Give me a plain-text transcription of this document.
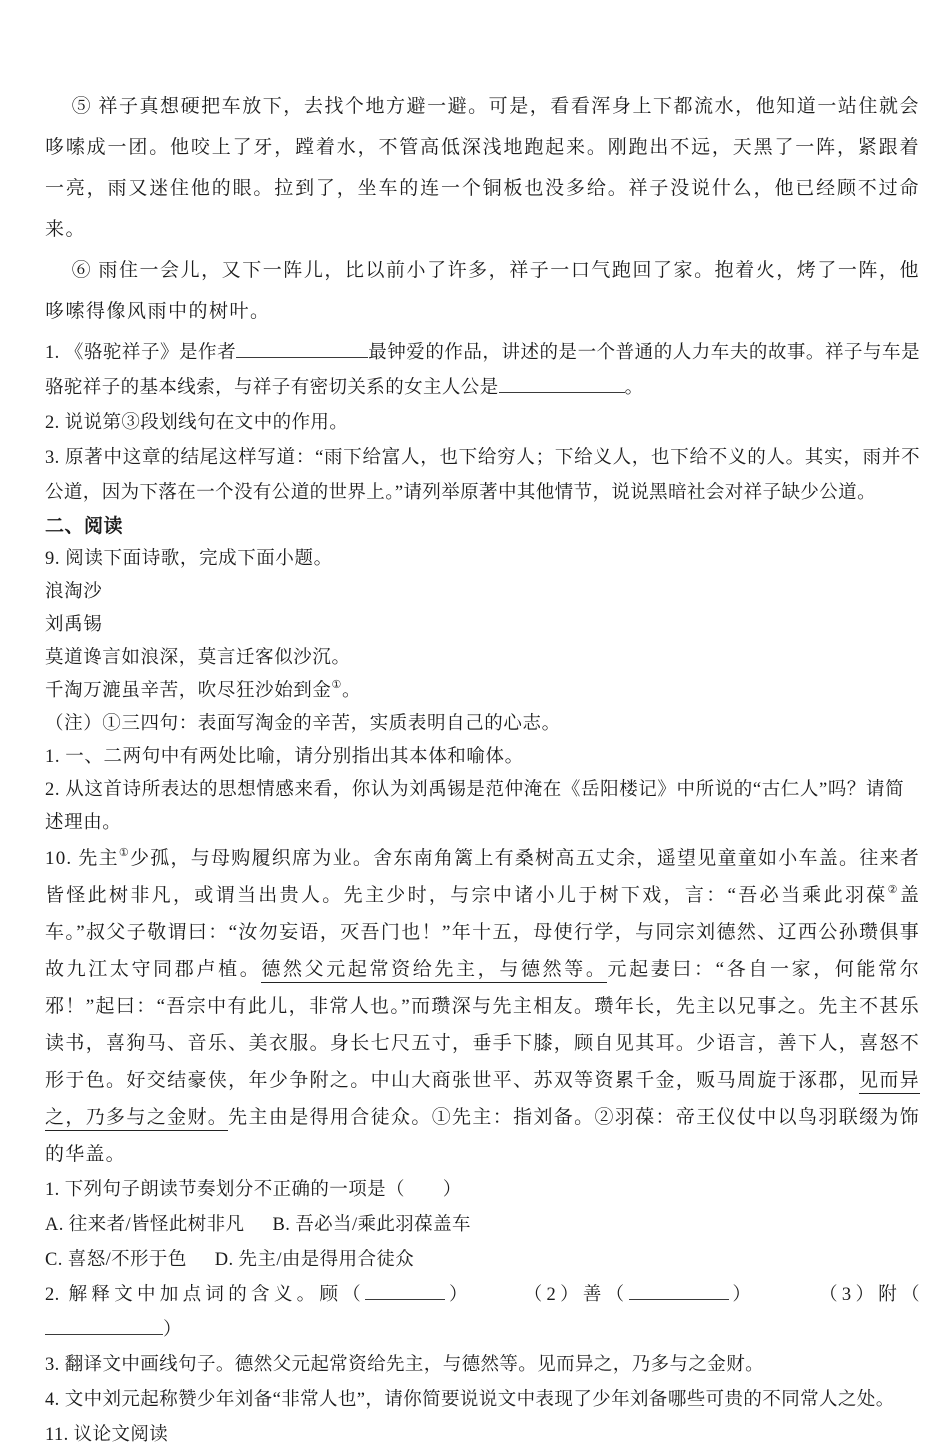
⑤ 祥子真想硬把车放下，去找个地方避一避。可是，看看浑身上下都流水，他知道一站住就会哆嗦成一团。他咬上了牙，蹚着水，不管高低深浅地跑起来。刚跑出不远，天黑了一阵，紧跟着一亮，雨又迷住他的眼。拉到了，坐车的连一个铜板也没多给。祥子没说什么，他已经顾不过命来。

⑥ 雨住一会儿，又下一阵儿，比以前小了许多，祥子一口气跑回了家。抱着火，烤了一阵，他哆嗦得像风雨中的树叶。

1. 《骆驼祥子》是作者	最钟爱的作品，讲述的是一个普通的人力车夫的故事。祥子与车是骆驼祥子的基本线索，与祥子有密切关系的女主人公是	。

2. 说说第③段划线句在文中的作用。

3. 原著中这章的结尾这样写道：“雨下给富人，也下给穷人；下给义人，也下给不义的人。其实，雨并不公道，因为下落在一个没有公道的世界上。”请列举原著中其他情节，说说黑暗社会对祥子缺少公道。

二、阅读

9. 阅读下面诗歌，完成下面小题。

浪淘沙

刘禹锡

莫道谗言如浪深，莫言迁客似沙沉。

千淘万漉虽辛苦，吹尽狂沙始到金①。

（注）①三四句：表面写淘金的辛苦，实质表明自己的心志。

1. 一、二两句中有两处比喻，请分别指出其本体和喻体。

2. 从这首诗所表达的思想情感来看，你认为刘禹锡是范仲淹在《岳阳楼记》中所说的“古仁人”吗？请简述理由。

10. 先主①少孤，与母购履织席为业。舍东南角篱上有桑树高五丈余，遥望见童童如小车盖。往来者皆怪此树非凡，或谓当出贵人。先主少时，与宗中诸小儿于树下戏，言：“吾必当乘此羽葆②盖车。”叔父子敬谓曰：“汝勿妄语，灭吾门也！”年十五，母使行学，与同宗刘德然、辽西公孙瓒俱事故九江太守同郡卢植。德然父元起常资给先主，与德然等。元起妻曰：“各自一家，何能常尔邪！”起曰：“吾宗中有此儿，非常人也。”而瓒深与先主相友。瓒年长，先主以兄事之。先主不甚乐读书，喜狗马、音乐、美衣服。身长七尺五寸，垂手下膝，顾自见其耳。少语言，善下人，喜怒不形于色。好交结豪侠，年少争附之。中山大商张世平、苏双等资累千金，贩马周旋于涿郡，见而异之，乃多与之金财。先主由是得用合徒众。①先主：指刘备。②羽葆：帝王仪仗中以鸟羽联缀为饰的华盖。

1. 下列句子朗读节奏划分不正确的一项是（　　）

A. 往来者/皆怪此树非凡 B. 吾必当/乘此羽葆盖车

C. 喜怒/不形于色 D. 先主/由是得用合徒众

2. 解释文中加点词的含义。顾（	）	（2）善（	）	（3）附（）

3. 翻译文中画线句子。德然父元起常资给先主，与德然等。见而异之，乃多与之金财。

4. 文中刘元起称赞少年刘备“非常人也”，请你简要说说文中表现了少年刘备哪些可贵的不同常人之处。

11. 议论文阅读
